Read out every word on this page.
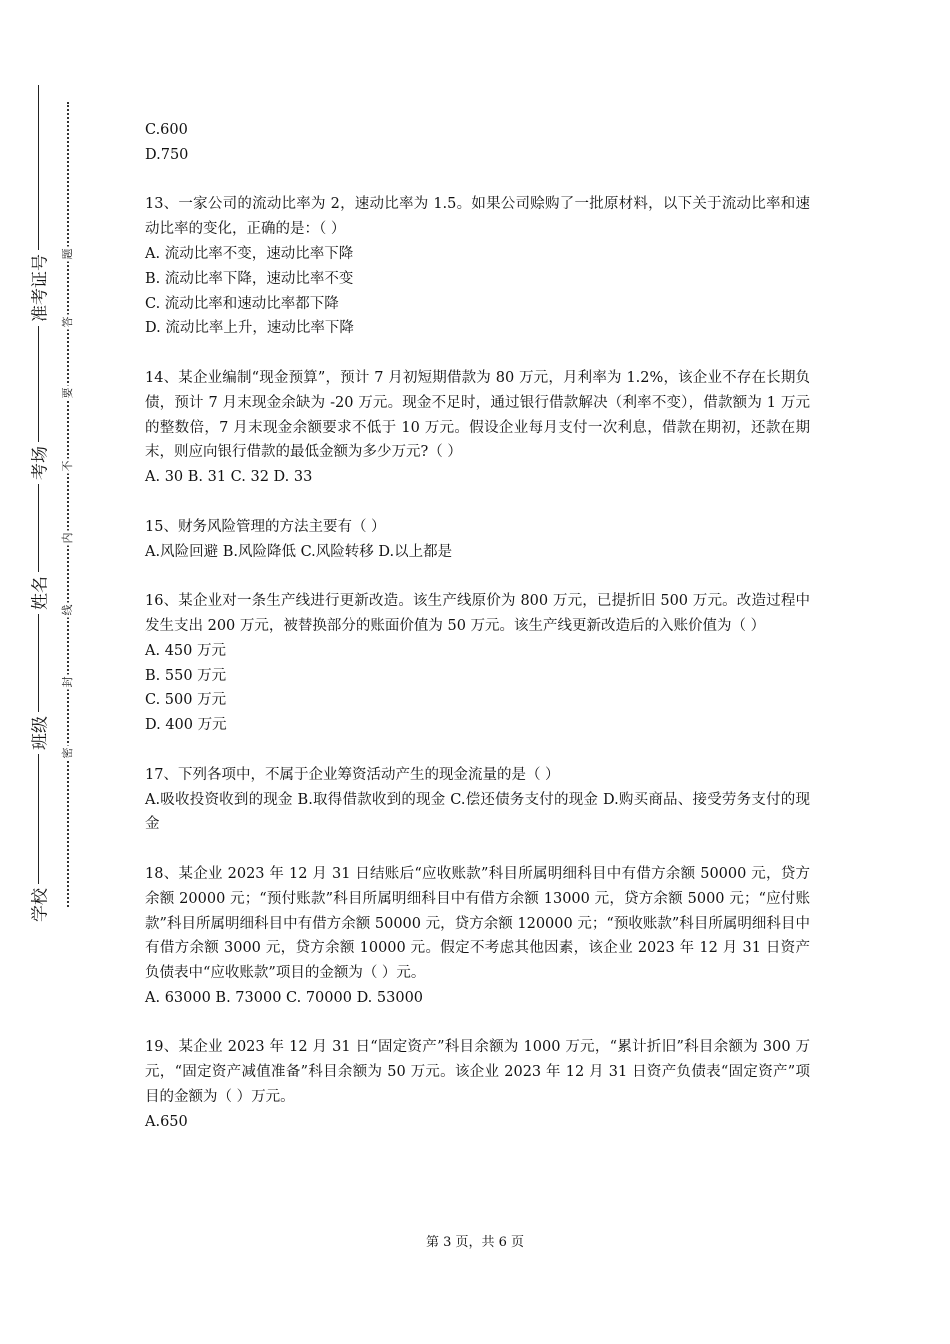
准考证号
考场
姓名
班级
学校
题
答
要
不
内
线
封
密

C.600

D.750

13、一家公司的流动比率为 2，速动比率为 1.5。如果公司赊购了一批原材料，以下关于流动比率和速动比率的变化，正确的是：（ ）

A. 流动比率不变，速动比率下降

B. 流动比率下降，速动比率不变

C. 流动比率和速动比率都下降

D. 流动比率上升，速动比率下降

14、某企业编制“现金预算”，预计 7 月初短期借款为 80 万元，月利率为 1.2%，该企业不存在长期负债，预计 7 月末现金余缺为 -20 万元。现金不足时，通过银行借款解决（利率不变），借款额为 1 万元的整数倍，7 月末现金余额要求不低于 10 万元。假设企业每月支付一次利息，借款在期初，还款在期末，则应向银行借款的最低金额为多少万元?（ ）

A. 30 B. 31 C. 32 D. 33

15、财务风险管理的方法主要有（ ）

A.风险回避 B.风险降低 C.风险转移 D.以上都是

16、某企业对一条生产线进行更新改造。该生产线原价为 800 万元，已提折旧 500 万元。改造过程中发生支出 200 万元，被替换部分的账面价值为 50 万元。该生产线更新改造后的入账价值为（ ）

A. 450 万元

B. 550 万元

C. 500 万元

D. 400 万元

17、下列各项中，不属于企业筹资活动产生的现金流量的是（ ）

A.吸收投资收到的现金 B.取得借款收到的现金 C.偿还债务支付的现金 D.购买商品、接受劳务支付的现金

18、某企业 2023 年 12 月 31 日结账后“应收账款”科目所属明细科目中有借方余额 50000 元，贷方余额 20000 元；“预付账款”科目所属明细科目中有借方余额 13000 元，贷方余额 5000 元；“应付账款”科目所属明细科目中有借方余额 50000 元，贷方余额 120000 元；“预收账款”科目所属明细科目中有借方余额 3000 元，贷方余额 10000 元。假定不考虑其他因素，该企业 2023 年 12 月 31 日资产负债表中“应收账款”项目的金额为（ ）元。

A. 63000 B. 73000 C. 70000 D. 53000

19、某企业 2023 年 12 月 31 日“固定资产”科目余额为 1000 万元，“累计折旧”科目余额为 300 万元，“固定资产减值准备”科目余额为 50 万元。该企业 2023 年 12 月 31 日资产负债表“固定资产”项目的金额为（ ）万元。

A.650

第 3 页，共 6 页
